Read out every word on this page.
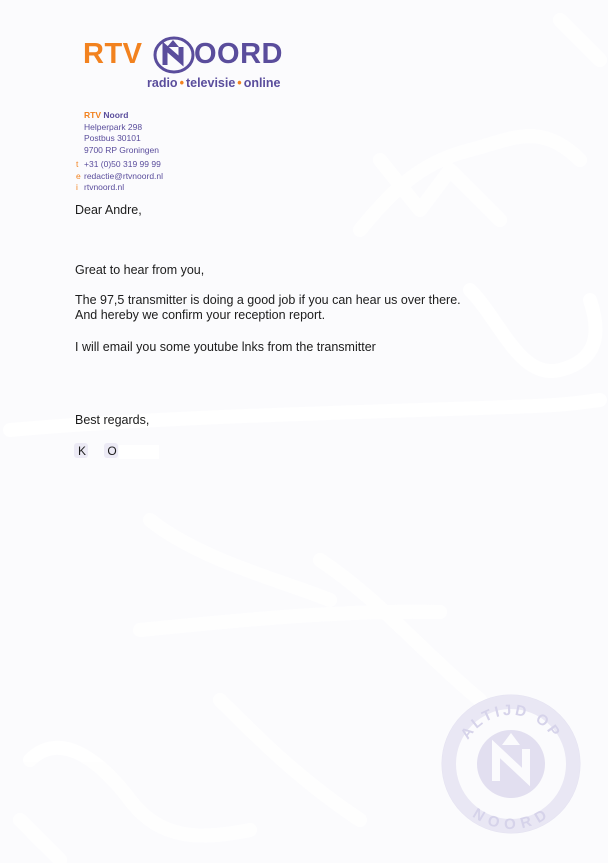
RTV OORD
radio • televisie • online
RTV Noord
Helperpark 298
Postbus 30101
9700 RP Groningen
t +31 (0)50 319 99 99
e redactie@rtvnoord.nl
i rtvnoord.nl
Dear Andre,
Great to hear from you,
The 97,5 transmitter is doing a good job if you can hear us over there.
And hereby we confirm your reception report.
I will email you some youtube lnks from the transmitter
Best regards,
K O
ALTIJD OP
NOORD
